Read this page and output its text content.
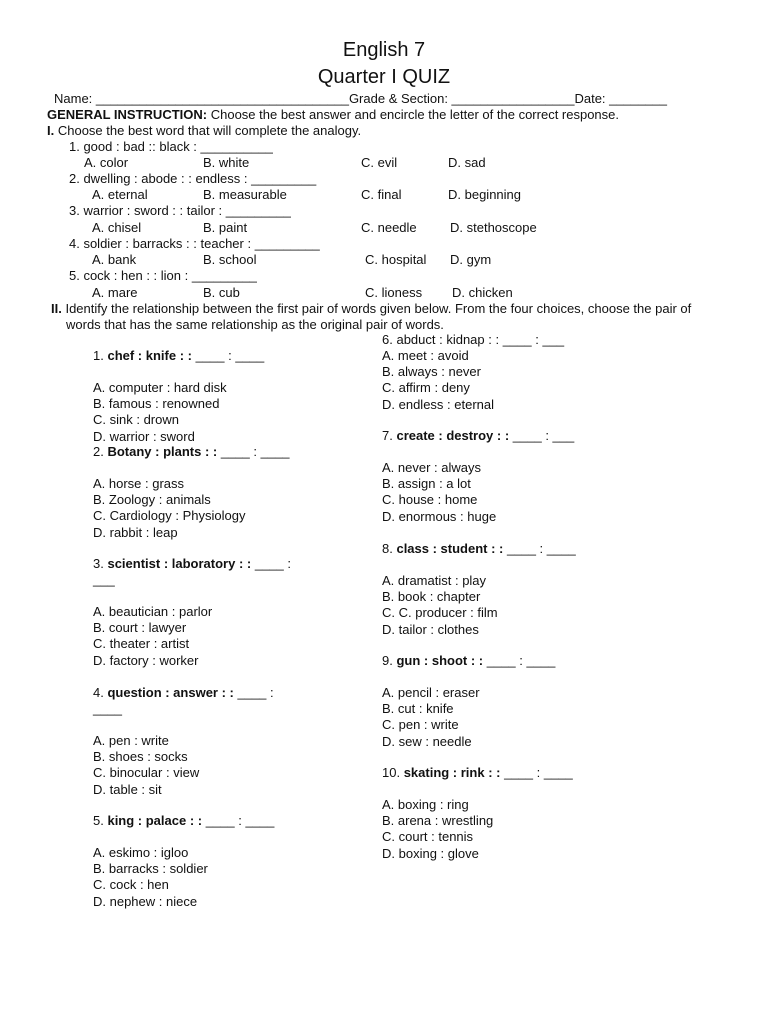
English 7
Quarter I QUIZ
Name: ___________________________________Grade & Section: _________________Date: ________
GENERAL INSTRUCTION: Choose the best answer and encircle the letter of the correct response.
I. Choose the best word that will complete the analogy.
1. good : bad :: black : __________
A. color	B. white	C. evil	D. sad
2. dwelling : abode : : endless : _________
A. eternal	B. measurable	C. final	D. beginning
3. warrior : sword : : tailor : _________
A. chisel	B. paint	C. needle	D. stethoscope
4. soldier : barracks : : teacher : _________
A. bank	B. school	C. hospital D. gym
5. cock : hen : : lion : _________
A. mare	B. cub	C. lioness D. chicken
II. Identify the relationship between the first pair of words given below. From the four choices, choose the pair of
words that has the same relationship as the original pair of words.
1. chef : knife : : ____ : ____
A. computer : hard disk
B. famous : renowned
C. sink : drown
D. warrior : sword
2. Botany : plants : : ____ : ____
A. horse : grass
B. Zoology : animals
C. Cardiology : Physiology
D. rabbit : leap
3. scientist : laboratory : : ____ :
___
A. beautician : parlor
B. court : lawyer
C. theater : artist
D. factory : worker
4. question : answer : : ____ :
____
A. pen : write
B. shoes : socks
C. binocular : view
D. table : sit
5. king : palace : : ____ : ____
A. eskimo : igloo
B. barracks : soldier
C. cock : hen
D. nephew : niece
6. abduct : kidnap : : ____ : ___
A. meet : avoid
B. always : never
C. affirm : deny
D. endless : eternal
7. create : destroy : : ____ : ___
A. never : always
B. assign : a lot
C. house : home
D. enormous : huge
8. class : student : : ____ : ____
A. dramatist : play
B. book : chapter
C. C. producer : film
D. tailor : clothes
9. gun : shoot : : ____ : ____
A. pencil : eraser
B. cut : knife
C. pen : write
D. sew : needle
10. skating : rink : : ____ : ____
A. boxing : ring
B. arena : wrestling
C. court : tennis
D. boxing : glove
